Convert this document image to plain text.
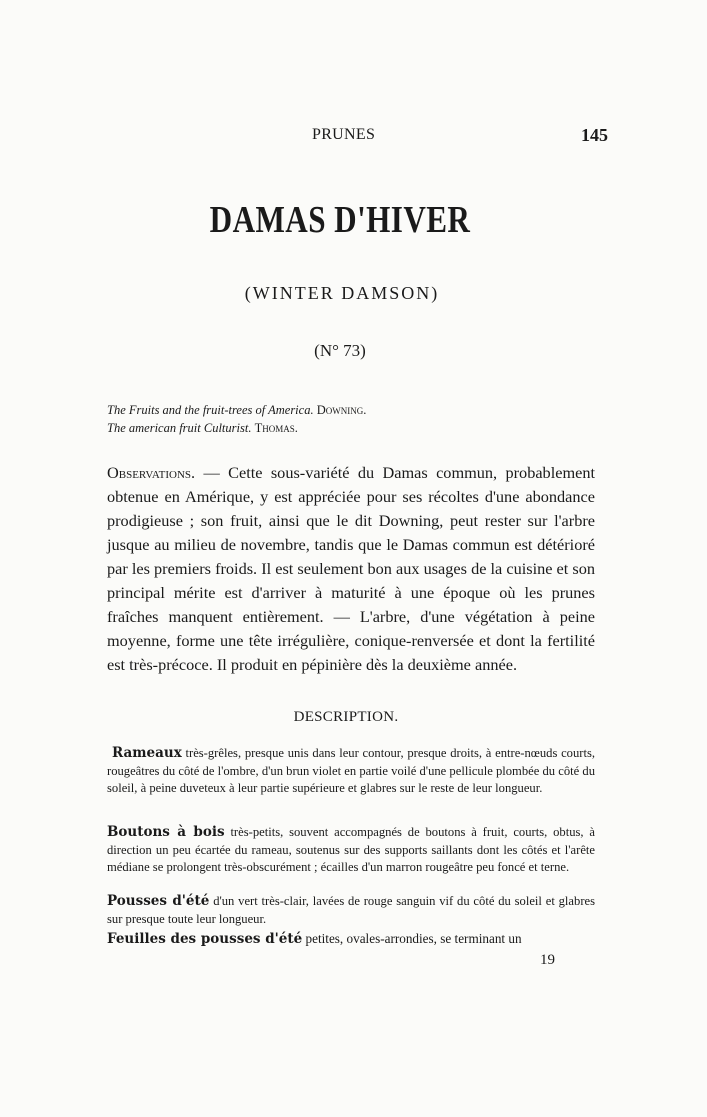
PRUNES	145
DAMAS D'HIVER
(WINTER DAMSON)
(N° 73)
The Fruits and the fruit-trees of America. Downing.
The american fruit Culturist. Thomas.
Observations. — Cette sous-variété du Damas commun, probablement obtenue en Amérique, y est appréciée pour ses récoltes d'une abondance prodigieuse ; son fruit, ainsi que le dit Downing, peut rester sur l'arbre jusque au milieu de novembre, tandis que le Damas commun est détérioré par les premiers froids. Il est seulement bon aux usages de la cuisine et son principal mérite est d'arriver à maturité à une époque où les prunes fraîches manquent entièrement. — L'arbre, d'une végétation à peine moyenne, forme une tête irrégulière, conique-renversée et dont la fertilité est très-précoce. Il produit en pépinière dès la deuxième année.
DESCRIPTION.
Rameaux très-grêles, presque unis dans leur contour, presque droits, à entre-nœuds courts, rougeâtres du côté de l'ombre, d'un brun violet en partie voilé d'une pellicule plombée du côté du soleil, à peine duveteux à leur partie supérieure et glabres sur le reste de leur longueur.
Boutons à bois très-petits, souvent accompagnés de boutons à fruit, courts, obtus, à direction un peu écartée du rameau, soutenus sur des supports saillants dont les côtés et l'arête médiane se prolongent très-obscurément ; écailles d'un marron rougeâtre peu foncé et terne.
Pousses d'été d'un vert très-clair, lavées de rouge sanguin vif du côté du soleil et glabres sur presque toute leur longueur.
Feuilles des pousses d'été petites, ovales-arrondies, se terminant un
19
